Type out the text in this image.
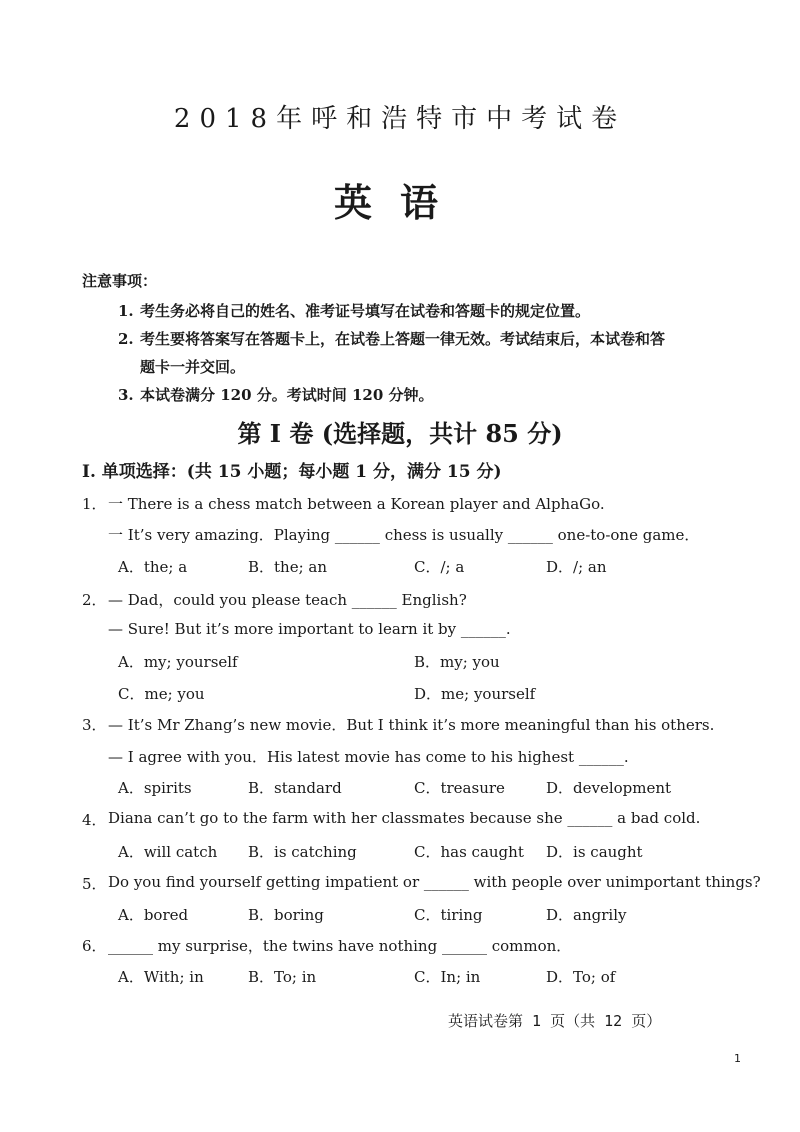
2018年呼和浩特市中考试卷
英语
注意事项：
1. 考生务必将自己的姓名、准考证号填写在试卷和答题卡的规定位置。
2. 考生要将答案写在答题卡上，在试卷上答题一律无效。考试结束后，本试卷和答
题卡一并交回。
3. 本试卷满分 120 分。考试时间 120 分钟。
第 I 卷 (选择题，共计 85 分)
I. 单项选择：(共 15 小题；每小题 1 分，满分 15 分)
1． 一 There is a chess match between a Korean player and AlphaGo.
一 It’s very amazing．Playing ______ chess is usually ______ one-to-one game．
A．the; a	B．the; an	C．/; a	D．/; an
2． — Dad，could you please teach ______ English?
— Sure! But it’s more important to learn it by ______.
A．my; yourself	B．my; you
C．me; you	D．me; yourself
3． — It’s Mr Zhang’s new movie．But I think it’s more meaningful than his others.
— I agree with you．His latest movie has come to his highest ______.
A．spirits	B．standard	C．treasure	D．development
4． Diana can’t go to the farm with her classmates because she ______ a bad cold.
A．will catch B．is catching	C．has caught D．is caught
5． Do you find yourself getting impatient or ______ with people over unimportant things?
A．bored	B．boring	C．tiring	D．angrily
6． ______ my surprise，the twins have nothing ______ common．
A．With; in	B．To; in	C．In; in	D．To; of
英语试卷第 1 页（共 12 页）
1
